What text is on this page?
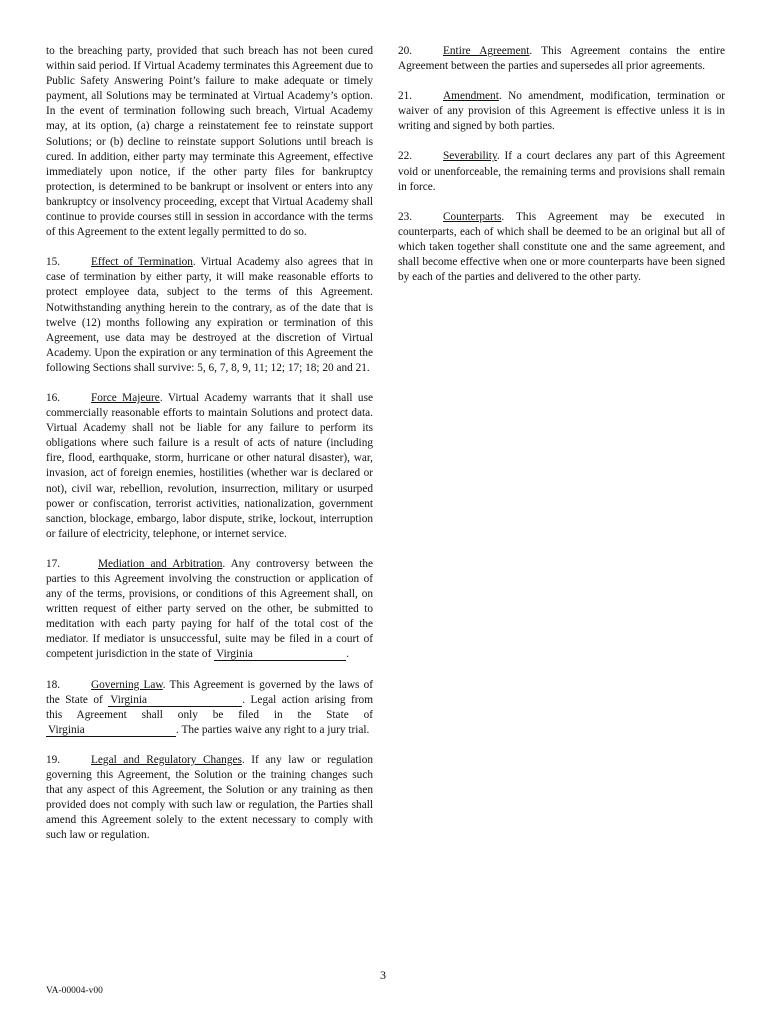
to the breaching party, provided that such breach has not been cured within said period. If Virtual Academy terminates this Agreement due to Public Safety Answering Point’s failure to make adequate or timely payment, all Solutions may be terminated at Virtual Academy’s option. In the event of termination following such breach, Virtual Academy may, at its option, (a) charge a reinstatement fee to reinstate support Solutions; or (b) decline to reinstate support Solutions until breach is cured. In addition, either party may terminate this Agreement, effective immediately upon notice, if the other party files for bankruptcy protection, is determined to be bankrupt or insolvent or enters into any bankruptcy or insolvency proceeding, except that Virtual Academy shall continue to provide courses still in session in accordance with the terms of this Agreement to the extent legally permitted to do so.

15.	Effect of Termination. Virtual Academy also agrees that in case of termination by either party, it will make reasonable efforts to protect employee data, subject to the terms of this Agreement. Notwithstanding anything herein to the contrary, as of the date that is twelve (12) months following any expiration or termination of this Agreement, use data may be destroyed at the discretion of Virtual Academy. Upon the expiration or any termination of this Agreement the following Sections shall survive: 5, 6, 7, 8, 9, 11; 12; 17; 18; 20 and 21.

16.	Force Majeure. Virtual Academy warrants that it shall use commercially reasonable efforts to maintain Solutions and protect data. Virtual Academy shall not be liable for any failure to perform its obligations where such failure is a result of acts of nature (including fire, flood, earthquake, storm, hurricane or other natural disaster), war, invasion, act of foreign enemies, hostilities (whether war is declared or not), civil war, rebellion, revolution, insurrection, military or usurped power or confiscation, terrorist activities, nationalization, government sanction, blockage, embargo, labor dispute, strike, lockout, interruption or failure of electricity, telephone, or internet service.

17.	Mediation and Arbitration. Any controversy between the parties to this Agreement involving the construction or application of any of the terms, provisions, or conditions of this Agreement shall, on written request of either party served on the other, be submitted to meditation with each party paying for half of the total cost of the mediator. If mediator is unsuccessful, suite may be filed in a court of competent jurisdiction in the state of Virginia	.

18.	Governing Law. This Agreement is governed by the laws of the State of Virginia	. Legal action arising from this Agreement shall only be filed in the State of Virginia	. The parties waive any right to a jury trial.

19.	Legal and Regulatory Changes. If any law or regulation governing this Agreement, the Solution or the training changes such that any aspect of this Agreement, the Solution or any training as then provided does not comply with such law or regulation, the Parties shall amend this Agreement solely to the extent necessary to comply with such law or regulation.

20.	Entire Agreement. This Agreement contains the entire Agreement between the parties and supersedes all prior agreements.

21.	Amendment. No amendment, modification, termination or waiver of any provision of this Agreement is effective unless it is in writing and signed by both parties.

22.	Severability. If a court declares any part of this Agreement void or unenforceable, the remaining terms and provisions shall remain in force.

23.	Counterparts. This Agreement may be executed in counterparts, each of which shall be deemed to be an original but all of which taken together shall constitute one and the same agreement, and shall become effective when one or more counterparts have been signed by each of the parties and delivered to the other party.

3
VA-00004-v00
